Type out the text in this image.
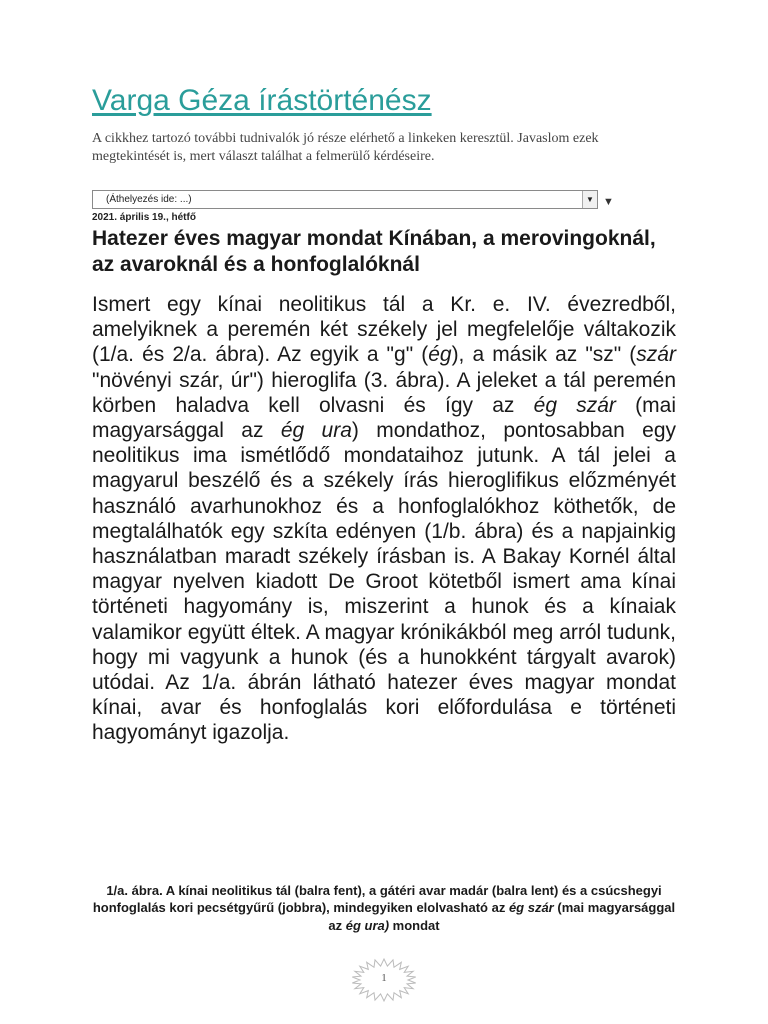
Varga Géza írástörténész

A cikkhez tartozó további tudnivalók jó része elérhető a linkeken keresztül. Javaslom ezek megtekintését is, mert választ találhat a felmerülő kérdéseire.

(Áthelyezés ide: ...)	▼ ▼
2021. április 19., hétfő
Hatezer éves magyar mondat Kínában, a merovingoknál, az avaroknál és a honfoglalóknál

Ismert egy kínai neolitikus tál a Kr. e. IV. évezredből, amelyiknek a peremén két székely jel megfelelője váltakozik (1/a. és 2/a. ábra). Az egyik a "g" (ég), a másik az "sz" (szár "növényi szár, úr") hieroglifa (3. ábra). A jeleket a tál peremén körben haladva kell olvasni és így az ég szár (mai magyarsággal az ég ura) mondathoz, pontosabban egy neolitikus ima ismétlődő mondataihoz jutunk. A tál jelei a magyarul beszélő és a székely írás hieroglifikus előzményét használó avarhunokhoz és a honfoglalókhoz köthetők, de megtalálhatók egy szkíta edényen (1/b. ábra) és a napjainkig használatban maradt székely írásban is. A Bakay Kornél által magyar nyelven kiadott De Groot kötetből ismert ama kínai történeti hagyomány is, miszerint a hunok és a kínaiak valamikor együtt éltek. A magyar krónikákból meg arról tudunk, hogy mi vagyunk a hunok (és a hunokként tárgyalt avarok) utódai. Az 1/a. ábrán látható hatezer éves magyar mondat kínai, avar és honfoglalás kori előfordulása e történeti hagyományt igazolja.

1/a. ábra. A kínai neolitikus tál (balra fent), a gátéri avar madár (balra lent) és a csúcshegyi honfoglalás kori pecsétgyűrű (jobbra), mindegyiken elolvasható az ég szár (mai magyarsággal az ég ura) mondat

1
